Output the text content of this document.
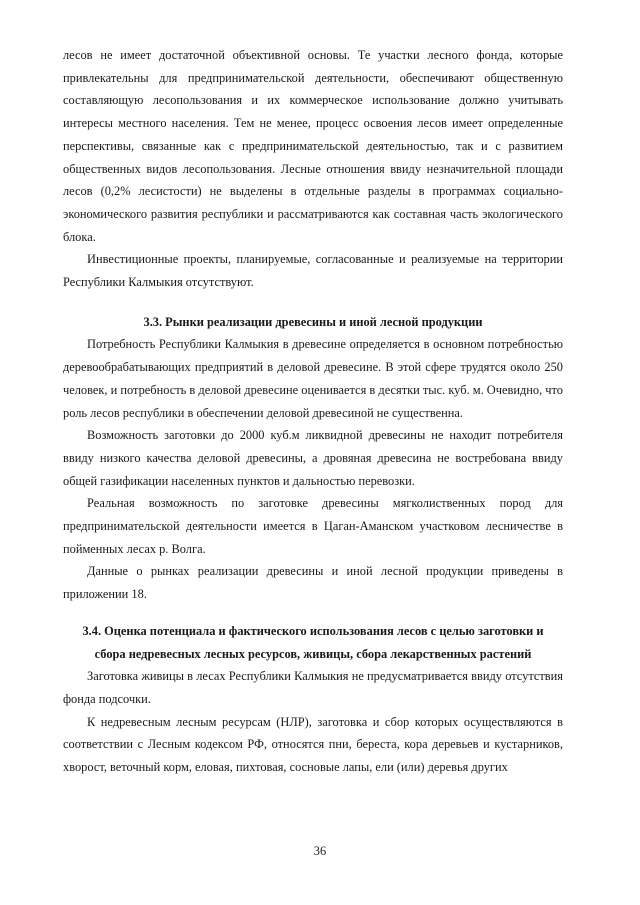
лесов не имеет достаточной объективной основы. Те участки лесного фонда, которые привлекательны для предпринимательской деятельности, обеспечивают общественную составляющую лесопользования и их коммерческое использование должно учитывать интересы местного населения. Тем не менее, процесс освоения лесов имеет определенные перспективы, связанные как с предпринимательской деятельностью, так и с развитием общественных видов лесопользования. Лесные отношения ввиду незначительной площади лесов (0,2% лесистости) не выделены в отдельные разделы в программах социально-экономического развития республики и рассматриваются как составная часть экологического блока.

Инвестиционные проекты, планируемые, согласованные и реализуемые на территории Республики Калмыкия отсутствуют.

3.3. Рынки реализации древесины и иной лесной продукции

Потребность Республики Калмыкия в древесине определяется в основном потребностью деревообрабатывающих предприятий в деловой древесине. В этой сфере трудятся около 250 человек, и потребность в деловой древесине оценивается в десятки тыс. куб. м. Очевидно, что роль лесов республики в обеспечении деловой древесиной не существенна.

Возможность заготовки до 2000 куб.м ликвидной древесины не находит потребителя ввиду низкого качества деловой древесины, а дровяная древесина не востребована ввиду общей газификации населенных пунктов и дальностью перевозки.

Реальная возможность по заготовке древесины мягколиственных пород для предпринимательской деятельности имеется в Цаган-Аманском участковом лесничестве в пойменных лесах р. Волга.

Данные о рынках реализации древесины и иной лесной продукции приведены в приложении 18.

3.4. Оценка потенциала и фактического использования лесов с целью заготовки и
сбора недревесных лесных ресурсов, живицы, сбора лекарственных растений

Заготовка живицы в лесах Республики Калмыкия не предусматривается ввиду отсутствия фонда подсочки.

К недревесным лесным ресурсам (НЛР), заготовка и сбор которых осуществляются в соответствии с Лесным кодексом РФ, относятся пни, береста, кора деревьев и кустарников, хворост, веточный корм, еловая, пихтовая, сосновые лапы, ели (или) деревья других

36
